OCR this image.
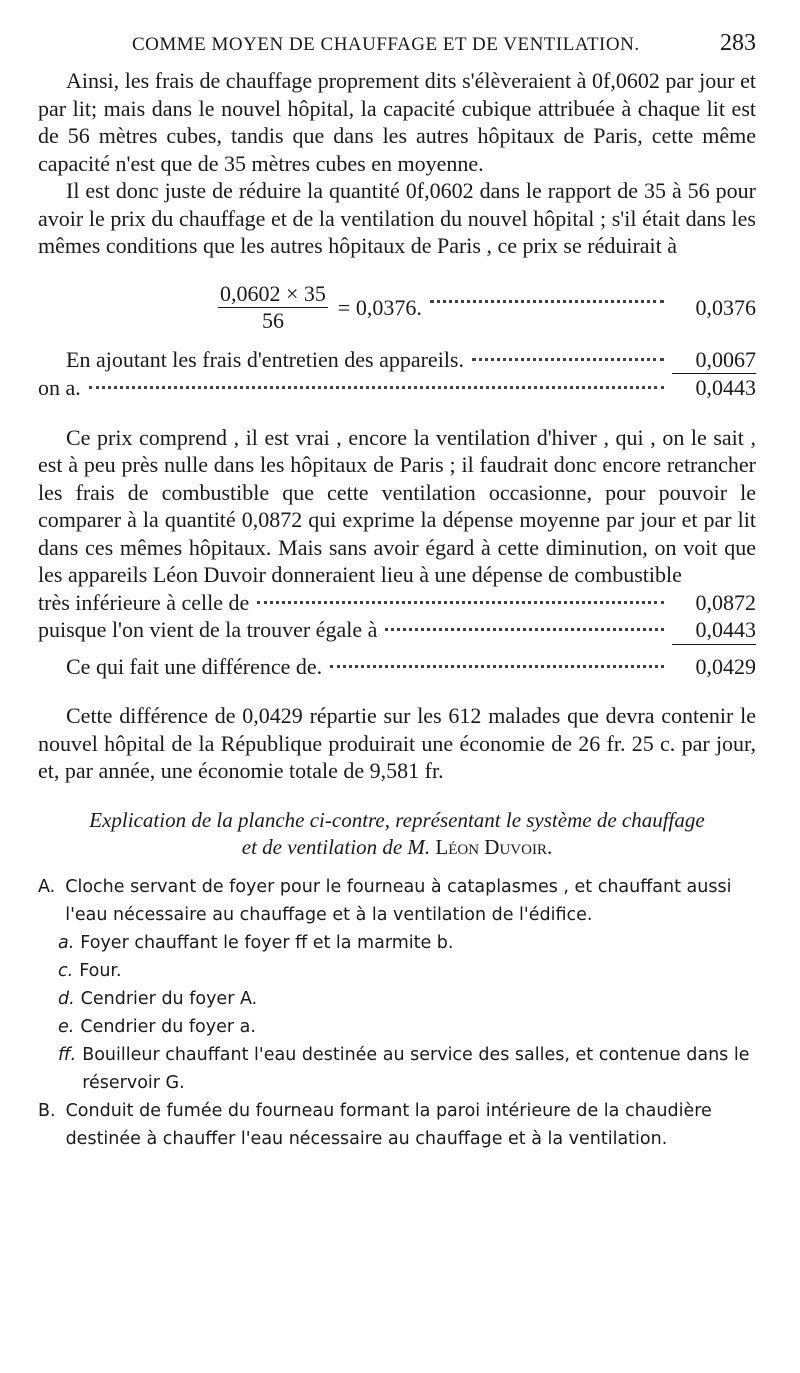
COMME MOYEN DE CHAUFFAGE ET DE VENTILATION.	283

Ainsi, les frais de chauffage proprement dits s'élèveraient à 0f,0602 par jour et par lit; mais dans le nouvel hôpital, la capacité cubique attribuée à chaque lit est de 56 mètres cubes, tandis que dans les autres hôpitaux de Paris, cette même capacité n'est que de 35 mètres cubes en moyenne.

Il est donc juste de réduire la quantité 0f,0602 dans le rapport de 35 à 56 pour avoir le prix du chauffage et de la ventilation du nouvel hôpital ; s'il était dans les mêmes conditions que les autres hôpitaux de Paris , ce prix se réduirait à

$\frac{0,0602 \times 35}{56} = 0,0376$.	0,0376
En ajoutant les frais d'entretien des appareils.	0,0067
on a.	0,0443

Ce prix comprend , il est vrai , encore la ventilation d'hiver , qui , on le sait , est à peu près nulle dans les hôpitaux de Paris ; il faudrait donc encore retrancher les frais de combustible que cette ventilation occasionne, pour pouvoir le comparer à la quantité 0,0872 qui exprime la dépense moyenne par jour et par lit dans ces mêmes hôpitaux. Mais sans avoir égard à cette diminution, on voit que les appareils Léon Duvoir donneraient lieu à une dépense de combustible

très inférieure à celle de	0,0872
puisque l'on vient de la trouver égale à	0,0443
Ce qui fait une différence de.	0,0429

Cette différence de 0,0429 répartie sur les 612 malades que devra contenir le nouvel hôpital de la République produirait une économie de 26 fr. 25 c. par jour, et, par année, une économie totale de 9,581 fr.

Explication de la planche ci-contre, représentant le système de chauffage
et de ventilation de M. Léon Duvoir.
A. Cloche servant de foyer pour le fourneau à cataplasmes , et chauffant aussi l'eau nécessaire au chauffage et à la ventilation de l'édifice.
a. Foyer chauffant le foyer ff et la marmite b.
c. Four.
d. Cendrier du foyer A.
e. Cendrier du foyer a.
ff. Bouilleur chauffant l'eau destinée au service des salles, et contenue dans le réservoir G.
B. Conduit de fumée du fourneau formant la paroi intérieure de la chaudière destinée à chauffer l'eau nécessaire au chauffage et à la ventilation.
